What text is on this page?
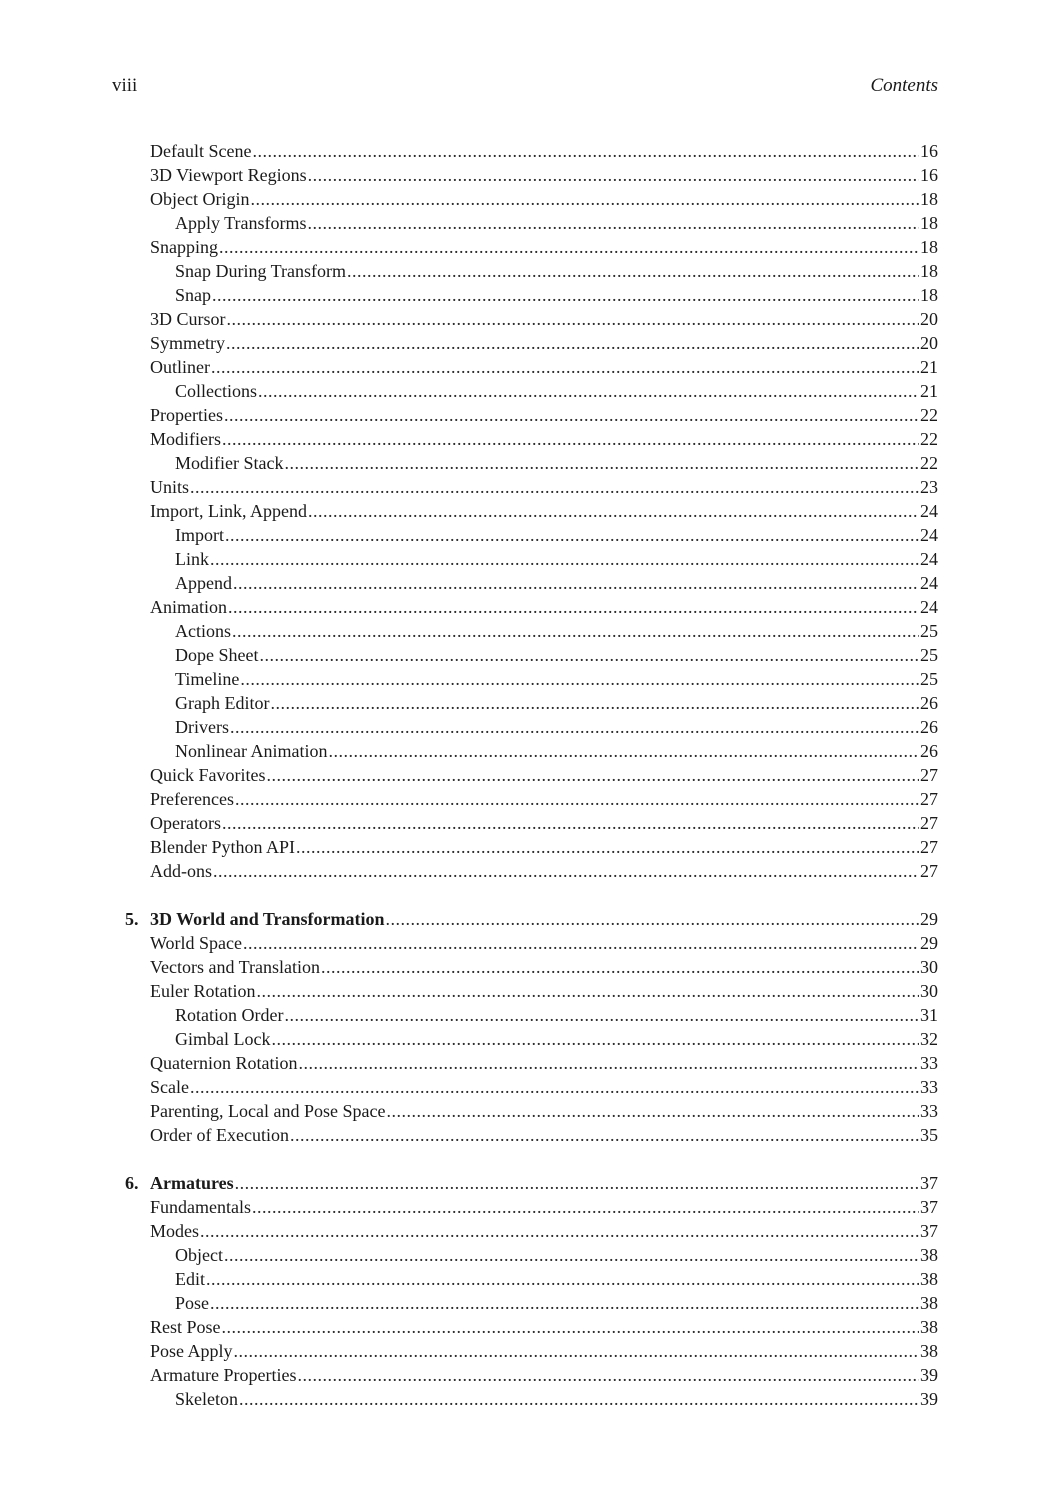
viii	Contents
Default Scene .....	16
3D Viewport Regions .....	16
Object Origin .....	18
Apply Transforms .....	18
Snapping .....	18
Snap During Transform .....	18
Snap .....	18
3D Cursor .....	20
Symmetry .....	20
Outliner .....	21
Collections .....	21
Properties .....	22
Modifiers .....	22
Modifier Stack .....	22
Units .....	23
Import, Link, Append .....	24
Import .....	24
Link .....	24
Append .....	24
Animation .....	24
Actions .....	25
Dope Sheet .....	25
Timeline .....	25
Graph Editor .....	26
Drivers .....	26
Nonlinear Animation .....	26
Quick Favorites .....	27
Preferences .....	27
Operators .....	27
Blender Python API .....	27
Add-ons .....	27
5. 3D World and Transformation .....	29
World Space .....	29
Vectors and Translation .....	30
Euler Rotation .....	30
Rotation Order .....	31
Gimbal Lock .....	32
Quaternion Rotation .....	33
Scale .....	33
Parenting, Local and Pose Space .....	33
Order of Execution .....	35
6. Armatures .....	37
Fundamentals .....	37
Modes .....	37
Object .....	38
Edit .....	38
Pose .....	38
Rest Pose .....	38
Pose Apply .....	38
Armature Properties .....	39
Skeleton .....	39
